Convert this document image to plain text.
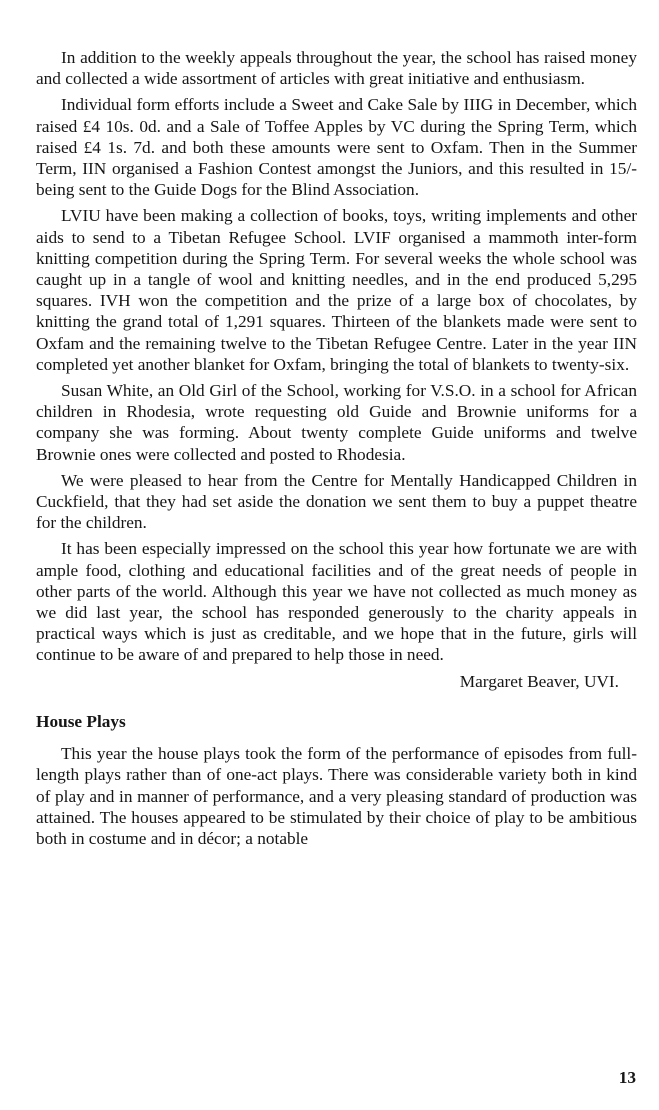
In addition to the weekly appeals throughout the year, the school has raised money and collected a wide assortment of articles with great initiative and enthusiasm.

Individual form efforts include a Sweet and Cake Sale by IIIG in December, which raised £4 10s. 0d. and a Sale of Toffee Apples by VC during the Spring Term, which raised £4 1s. 7d. and both these amounts were sent to Oxfam. Then in the Summer Term, IIN organised a Fashion Contest amongst the Juniors, and this resulted in 15/- being sent to the Guide Dogs for the Blind Association.

LVIU have been making a collection of books, toys, writing implements and other aids to send to a Tibetan Refugee School. LVIF organised a mammoth inter-form knitting competition during the Spring Term. For several weeks the whole school was caught up in a tangle of wool and knitting needles, and in the end produced 5,295 squares. IVH won the competition and the prize of a large box of chocolates, by knitting the grand total of 1,291 squares. Thirteen of the blankets made were sent to Oxfam and the remaining twelve to the Tibetan Refugee Centre. Later in the year IIN completed yet another blanket for Oxfam, bringing the total of blankets to twenty-six.

Susan White, an Old Girl of the School, working for V.S.O. in a school for African children in Rhodesia, wrote requesting old Guide and Brownie uniforms for a company she was forming. About twenty complete Guide uniforms and twelve Brownie ones were collected and posted to Rhodesia.

We were pleased to hear from the Centre for Mentally Handicapped Children in Cuckfield, that they had set aside the donation we sent them to buy a puppet theatre for the children.

It has been especially impressed on the school this year how fortunate we are with ample food, clothing and educational facilities and of the great needs of people in other parts of the world. Although this year we have not collected as much money as we did last year, the school has responded generously to the charity appeals in practical ways which is just as creditable, and we hope that in the future, girls will continue to be aware of and prepared to help those in need.

Margaret Beaver, UVI.
House Plays

This year the house plays took the form of the performance of episodes from full-length plays rather than of one-act plays. There was considerable variety both in kind of play and in manner of performance, and a very pleasing standard of production was attained. The houses appeared to be stimulated by their choice of play to be ambitious both in costume and in décor; a notable

13
